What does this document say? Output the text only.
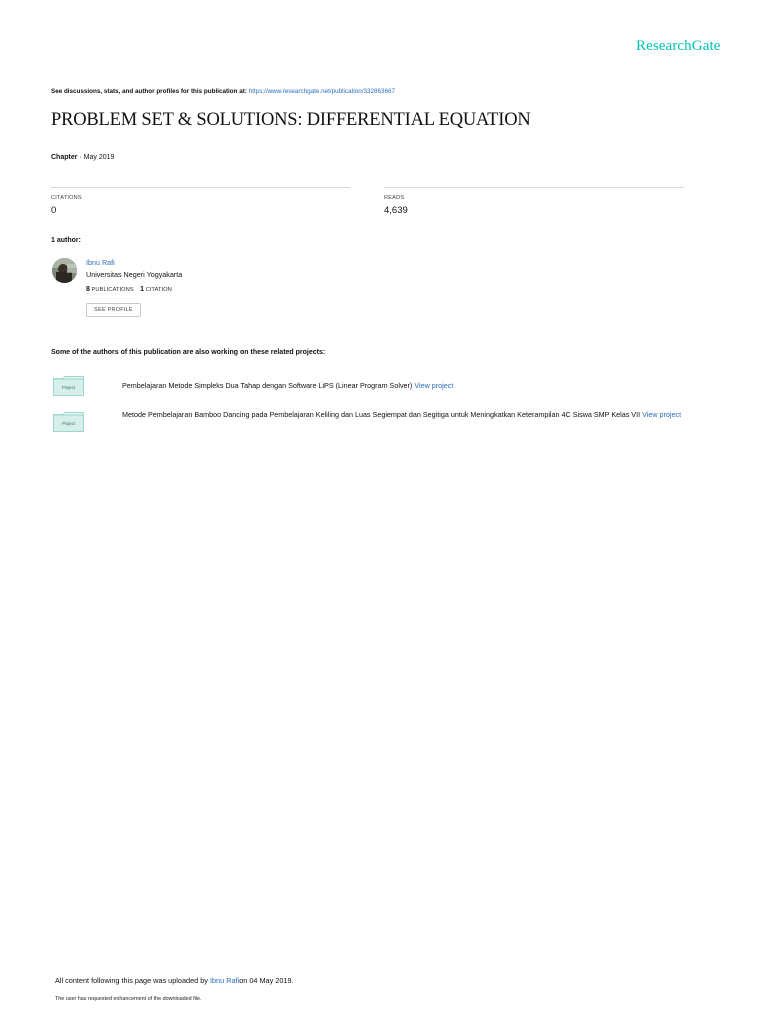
ResearchGate
See discussions, stats, and author profiles for this publication at: https://www.researchgate.net/publication/332863667
PROBLEM SET & SOLUTIONS: DIFFERENTIAL EQUATION
Chapter · May 2019
CITATIONS
0
READS
4,639
1 author:
Ibnu Rafi
Universitas Negeri Yogyakarta
8 PUBLICATIONS 1 CITATION
SEE PROFILE
Some of the authors of this publication are also working on these related projects:
Project	Pembelajaran Metode Simpleks Dua Tahap dengan Software LiPS (Linear Program Solver) View project
Project
Metode Pembelajaran Bamboo Dancing pada Pembelajaran Keliling dan Luas Segiempat dan Segitiga untuk Meningkatkan Keterampilan 4C Siswa SMP Kelas VII View project
All content following this page was uploaded by Ibnu Rafion 04 May 2019.
The user has requested enhancement of the downloaded file.
